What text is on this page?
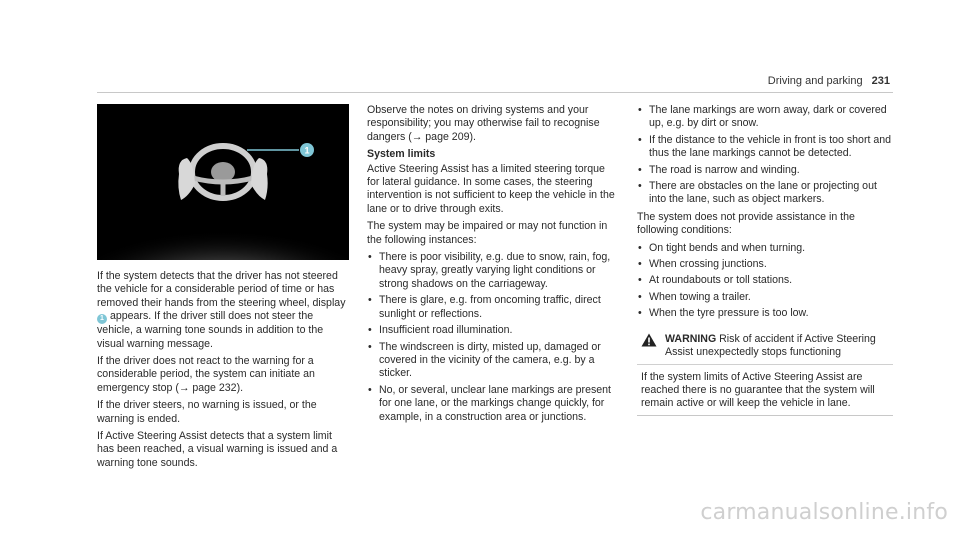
Driving and parking 231
1

If the system detects that the driver has not steered the vehicle for a considerable period of time or has removed their hands from the steering wheel, display 1 appears. If the driver still does not steer the vehicle, a warning tone sounds in addition to the visual warning message.

If the driver does not react to the warning for a considerable period, the system can initiate an emergency stop (→ page 232).

If the driver steers, no warning is issued, or the warning is ended.

If Active Steering Assist detects that a system limit has been reached, a visual warning is issued and a warning tone sounds.

Observe the notes on driving systems and your responsibility; you may otherwise fail to recognise dangers (→ page 209).

System limits

Active Steering Assist has a limited steering torque for lateral guidance. In some cases, the steering intervention is not sufficient to keep the vehicle in the lane or to drive through exits.

The system may be impaired or may not function in the following instances:

• There is poor visibility, e.g. due to snow, rain, fog, heavy spray, greatly varying light conditions or strong shadows on the carriageway.
• There is glare, e.g. from oncoming traffic, direct sunlight or reflections.
• Insufficient road illumination.
• The windscreen is dirty, misted up, damaged or covered in the vicinity of the camera, e.g. by a sticker.
• No, or several, unclear lane markings are present for one lane, or the markings change quickly, for example, in a construction area or junctions.
• The lane markings are worn away, dark or covered up, e.g. by dirt or snow.
• If the distance to the vehicle in front is too short and thus the lane markings cannot be detected.
• The road is narrow and winding.
• There are obstacles on the lane or projecting out into the lane, such as object markers.

The system does not provide assistance in the following conditions:

• On tight bends and when turning.
• When crossing junctions.
• At roundabouts or toll stations.
• When towing a trailer.
• When the tyre pressure is too low.
WARNING Risk of accident if Active Steering Assist unexpectedly stops functioning
If the system limits of Active Steering Assist are reached there is no guarantee that the system will remain active or will keep the vehicle in lane.
carmanualsonline.info
